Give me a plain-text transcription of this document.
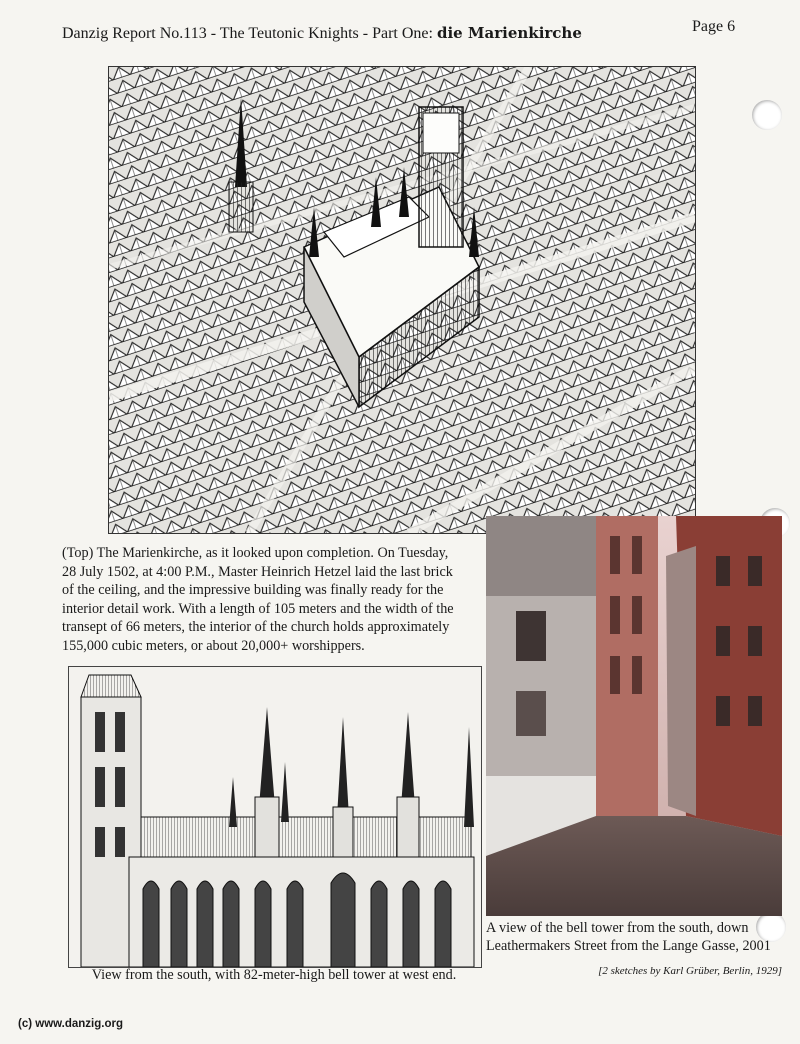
Danzig Report No.113 - The Teutonic Knights - Part One: die Marienkirche	Page 6
(Top) The Marienkirche, as it looked upon completion. On Tuesday,
28 July 1502, at 4:00 P.M., Master Heinrich Hetzel laid the last brick
of the ceiling, and the impressive building was finally ready for the
interior detail work. With a length of 105 meters and the width of the
transept of 66 meters, the interior of the church holds approximately
155,000 cubic meters, or about 20,000+ worshippers.
A view of the bell tower from the south, down
Leathermakers Street from the Lange Gasse, 2001
[2 sketches by Karl Grüber, Berlin, 1929]
View from the south, with 82-meter-high bell tower at west end.
(c) www.danzig.org
